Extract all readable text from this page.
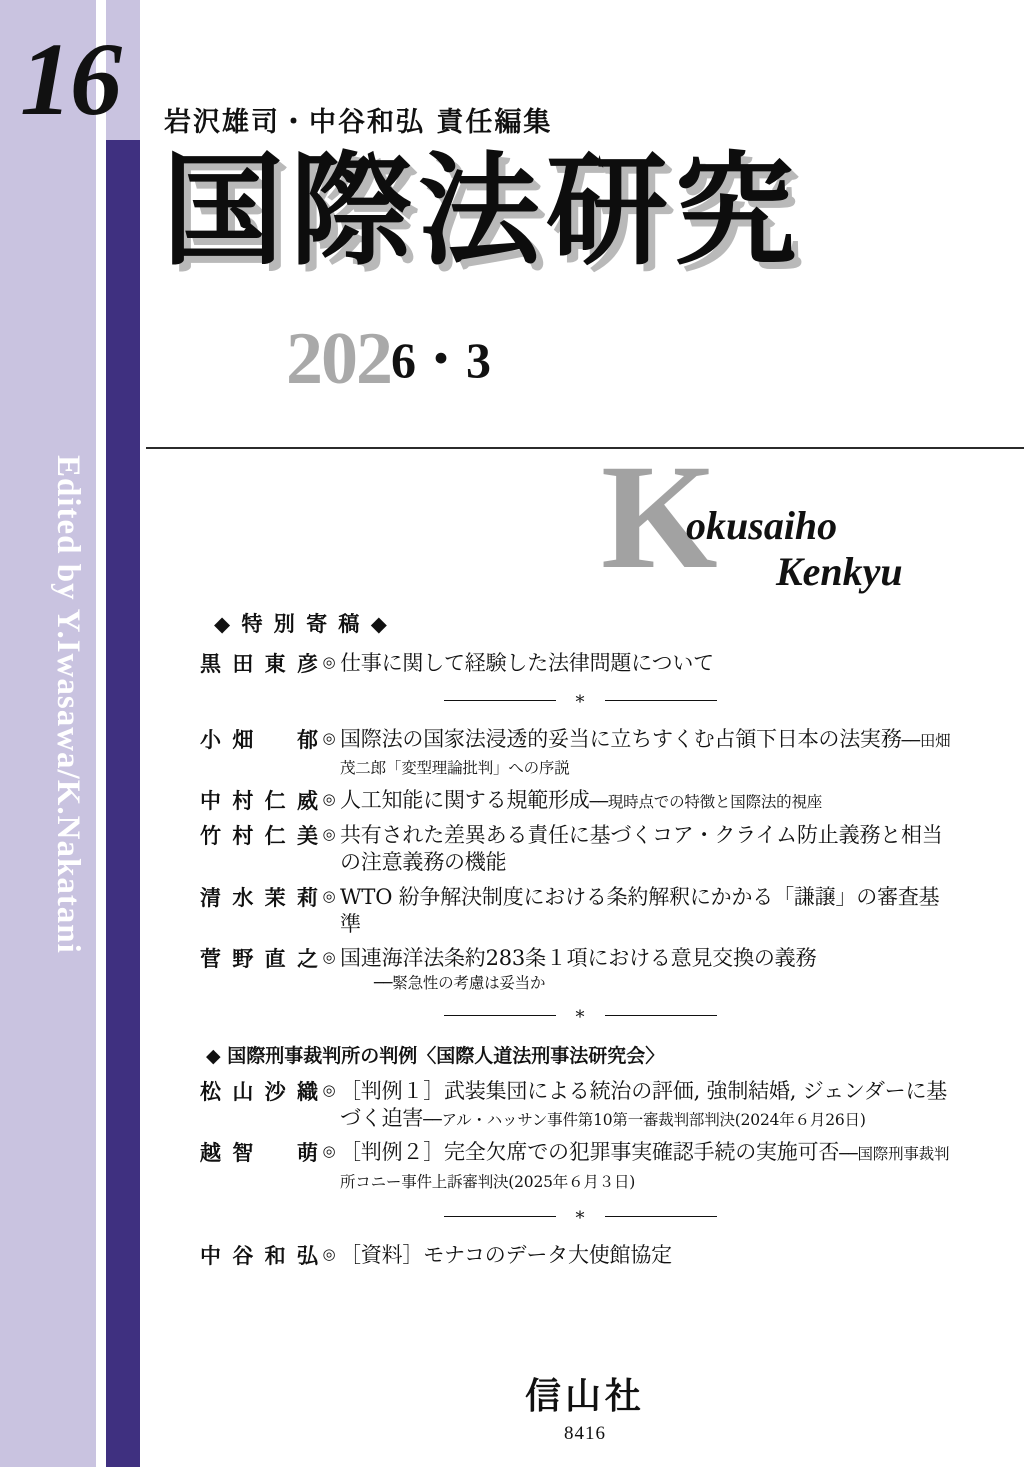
16
Edited by Y.Iwasawa/K.Nakatani
岩沢雄司・中谷和弘 責任編集
国際法研究
2026・3
K
okusaiho
Kenkyu
◆ 特 別 寄 稿 ◆
黒田東彦 ◎ 仕事に関して経験した法律問題について
*
小畑　郁 ◎ 国際法の国家法浸透的妥当に立ちすくむ占領下日本の法実務──田畑茂二郎「変型理論批判」への序説
中村仁威 ◎ 人工知能に関する規範形成──現時点での特徴と国際法的視座
竹村仁美 ◎ 共有された差異ある責任に基づくコア・クライム防止義務と相当の注意義務の機能
清水茉莉 ◎ WTO 紛争解決制度における条約解釈にかかる「謙譲」の審査基準
菅野直之 ◎ 国連海洋法条約283条１項における意見交換の義務
──緊急性の考慮は妥当か
*
◆ 国際刑事裁判所の判例〈国際人道法刑事法研究会〉
松山沙織 ◎ ［判例１］武装集団による統治の評価, 強制結婚, ジェンダーに基づく迫害──アル・ハッサン事件第10第一審裁判部判決(2024年６月26日)
越智　萌 ◎ ［判例２］完全欠席での犯罪事実確認手続の実施可否──国際刑事裁判所コニー事件上訴審判決(2025年６月３日)
*
中谷和弘 ◎ ［資料］モナコのデータ大使館協定
信山社
8416
